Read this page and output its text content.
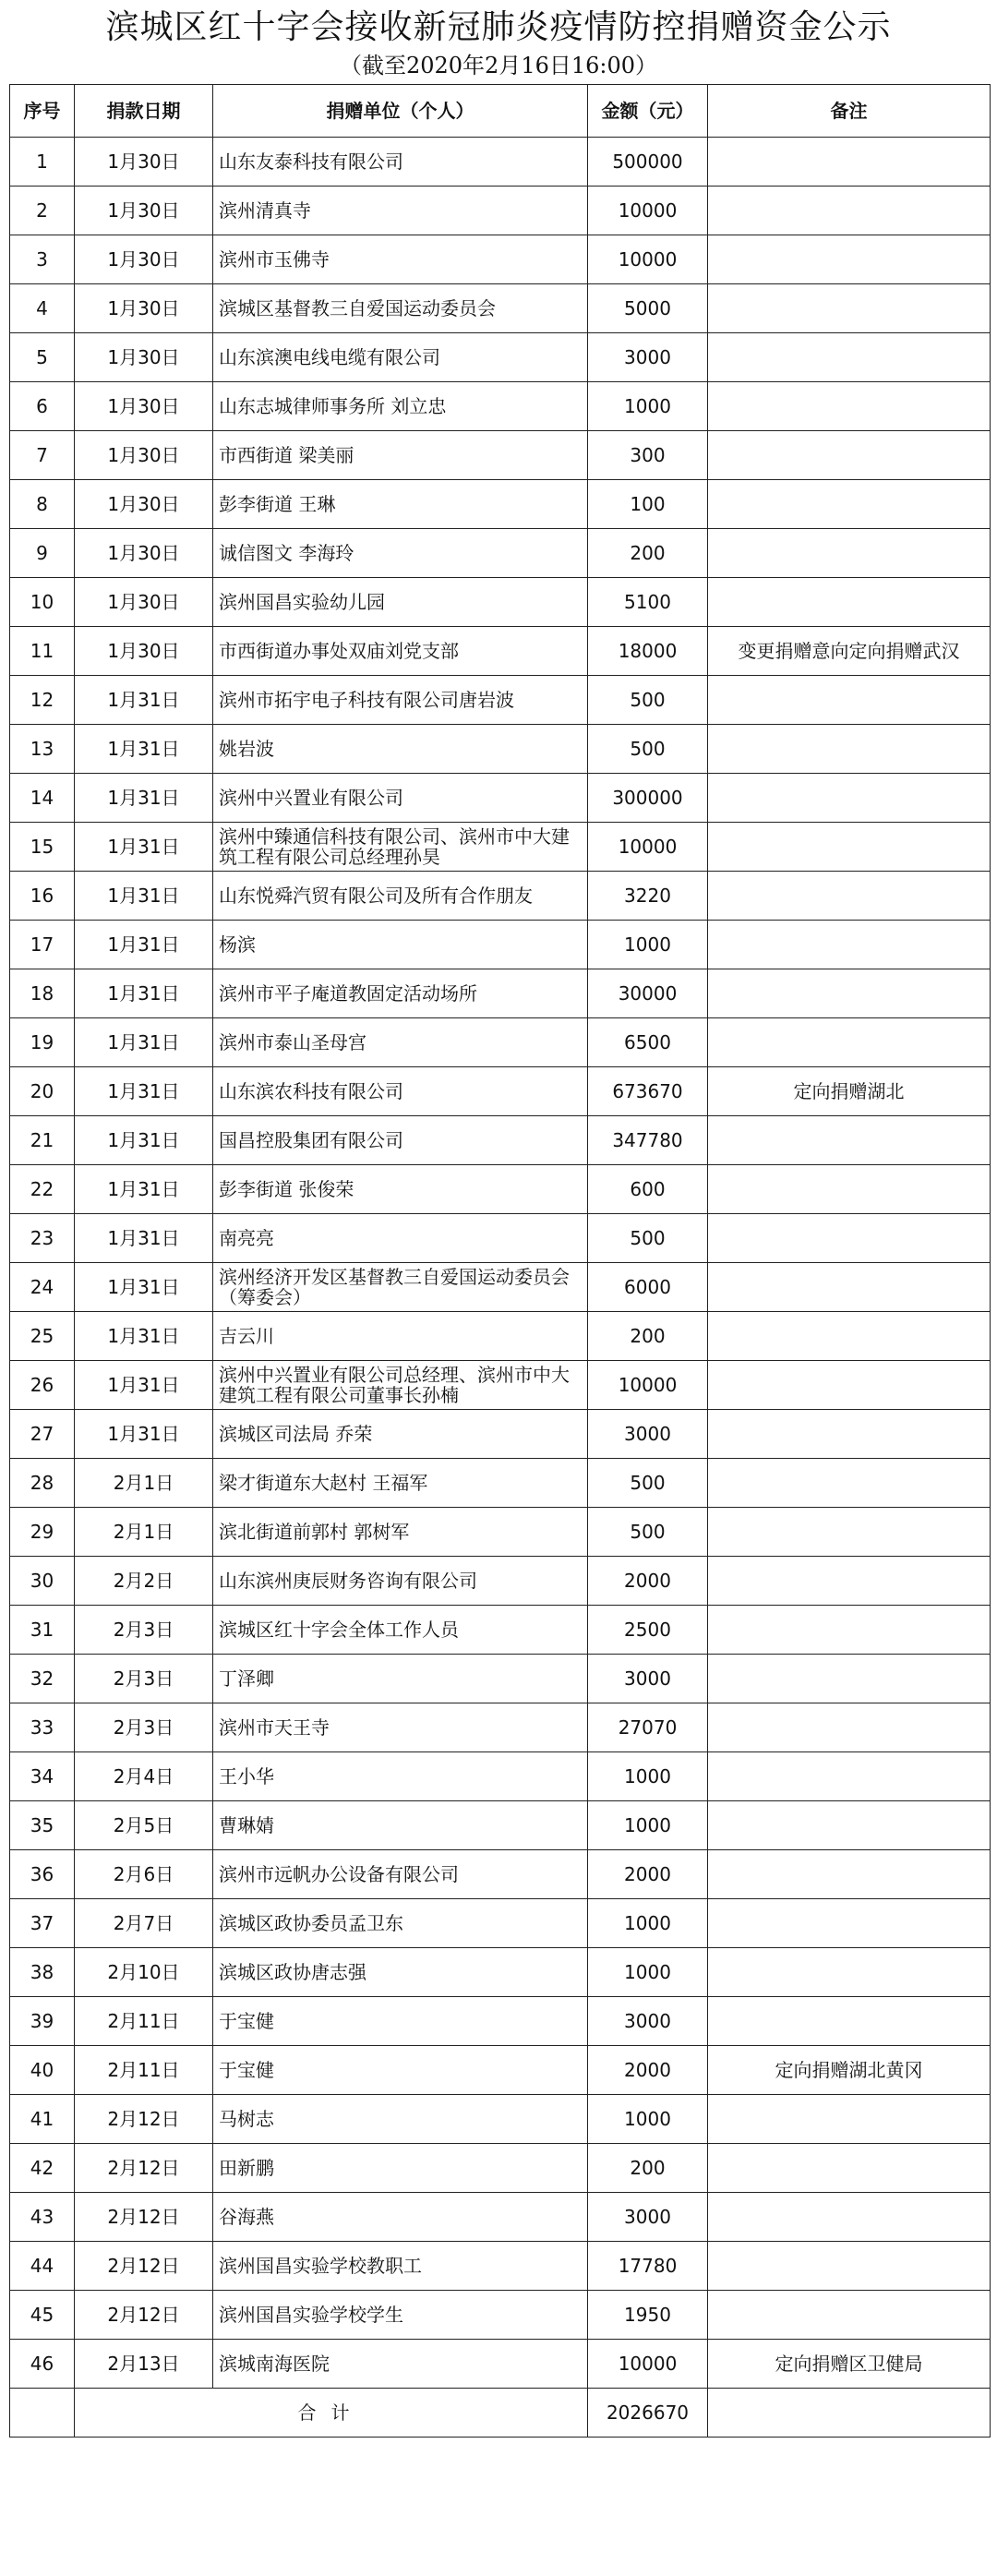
滨城区红十字会接收新冠肺炎疫情防控捐赠资金公示
（截至2020年2月16日16:00）
序号	捐款日期	捐赠单位（个人）	金额（元）	备注
1	1月30日	山东友泰科技有限公司	500000	
2	1月30日	滨州清真寺	10000	
3	1月30日	滨州市玉佛寺	10000	
4	1月30日	滨城区基督教三自爱国运动委员会	5000	
5	1月30日	山东滨澳电线电缆有限公司	3000	
6	1月30日	山东志城律师事务所 刘立忠	1000	
7	1月30日	市西街道 梁美丽	300	
8	1月30日	彭李街道 王琳	100	
9	1月30日	诚信图文 李海玲	200	
10	1月30日	滨州国昌实验幼儿园	5100	
11	1月30日	市西街道办事处双庙刘党支部	18000	变更捐赠意向定向捐赠武汉
12	1月31日	滨州市拓宇电子科技有限公司唐岩波	500	
13	1月31日	姚岩波	500	
14	1月31日	滨州中兴置业有限公司	300000	
15	1月31日	滨州中臻通信科技有限公司、滨州市中大建筑工程有限公司总经理孙昊	10000	
16	1月31日	山东悦舜汽贸有限公司及所有合作朋友	3220	
17	1月31日	杨滨	1000	
18	1月31日	滨州市平子庵道教固定活动场所	30000	
19	1月31日	滨州市泰山圣母宫	6500	
20	1月31日	山东滨农科技有限公司	673670	定向捐赠湖北
21	1月31日	国昌控股集团有限公司	347780	
22	1月31日	彭李街道 张俊荣	600	
23	1月31日	南亮亮	500	
24	1月31日	滨州经济开发区基督教三自爱国运动委员会（筹委会）	6000	
25	1月31日	吉云川	200	
26	1月31日	滨州中兴置业有限公司总经理、滨州市中大建筑工程有限公司董事长孙楠	10000	
27	1月31日	滨城区司法局 乔荣	3000	
28	2月1日	梁才街道东大赵村 王福军	500	
29	2月1日	滨北街道前郭村 郭树军	500	
30	2月2日	山东滨州庚辰财务咨询有限公司	2000	
31	2月3日	滨城区红十字会全体工作人员	2500	
32	2月3日	丁泽卿	3000	
33	2月3日	滨州市天王寺	27070	
34	2月4日	王小华	1000	
35	2月5日	曹琳婧	1000	
36	2月6日	滨州市远帆办公设备有限公司	2000	
37	2月7日	滨城区政协委员孟卫东	1000	
38	2月10日	滨城区政协唐志强	1000	
39	2月11日	于宝健	3000	
40	2月11日	于宝健	2000	定向捐赠湖北黄冈
41	2月12日	马树志	1000	
42	2月12日	田新鹏	200	
43	2月12日	谷海燕	3000	
44	2月12日	滨州国昌实验学校教职工	17780	
45	2月12日	滨州国昌实验学校学生	1950	
46	2月13日	滨城南海医院	10000	定向捐赠区卫健局
	合计		2026670	
